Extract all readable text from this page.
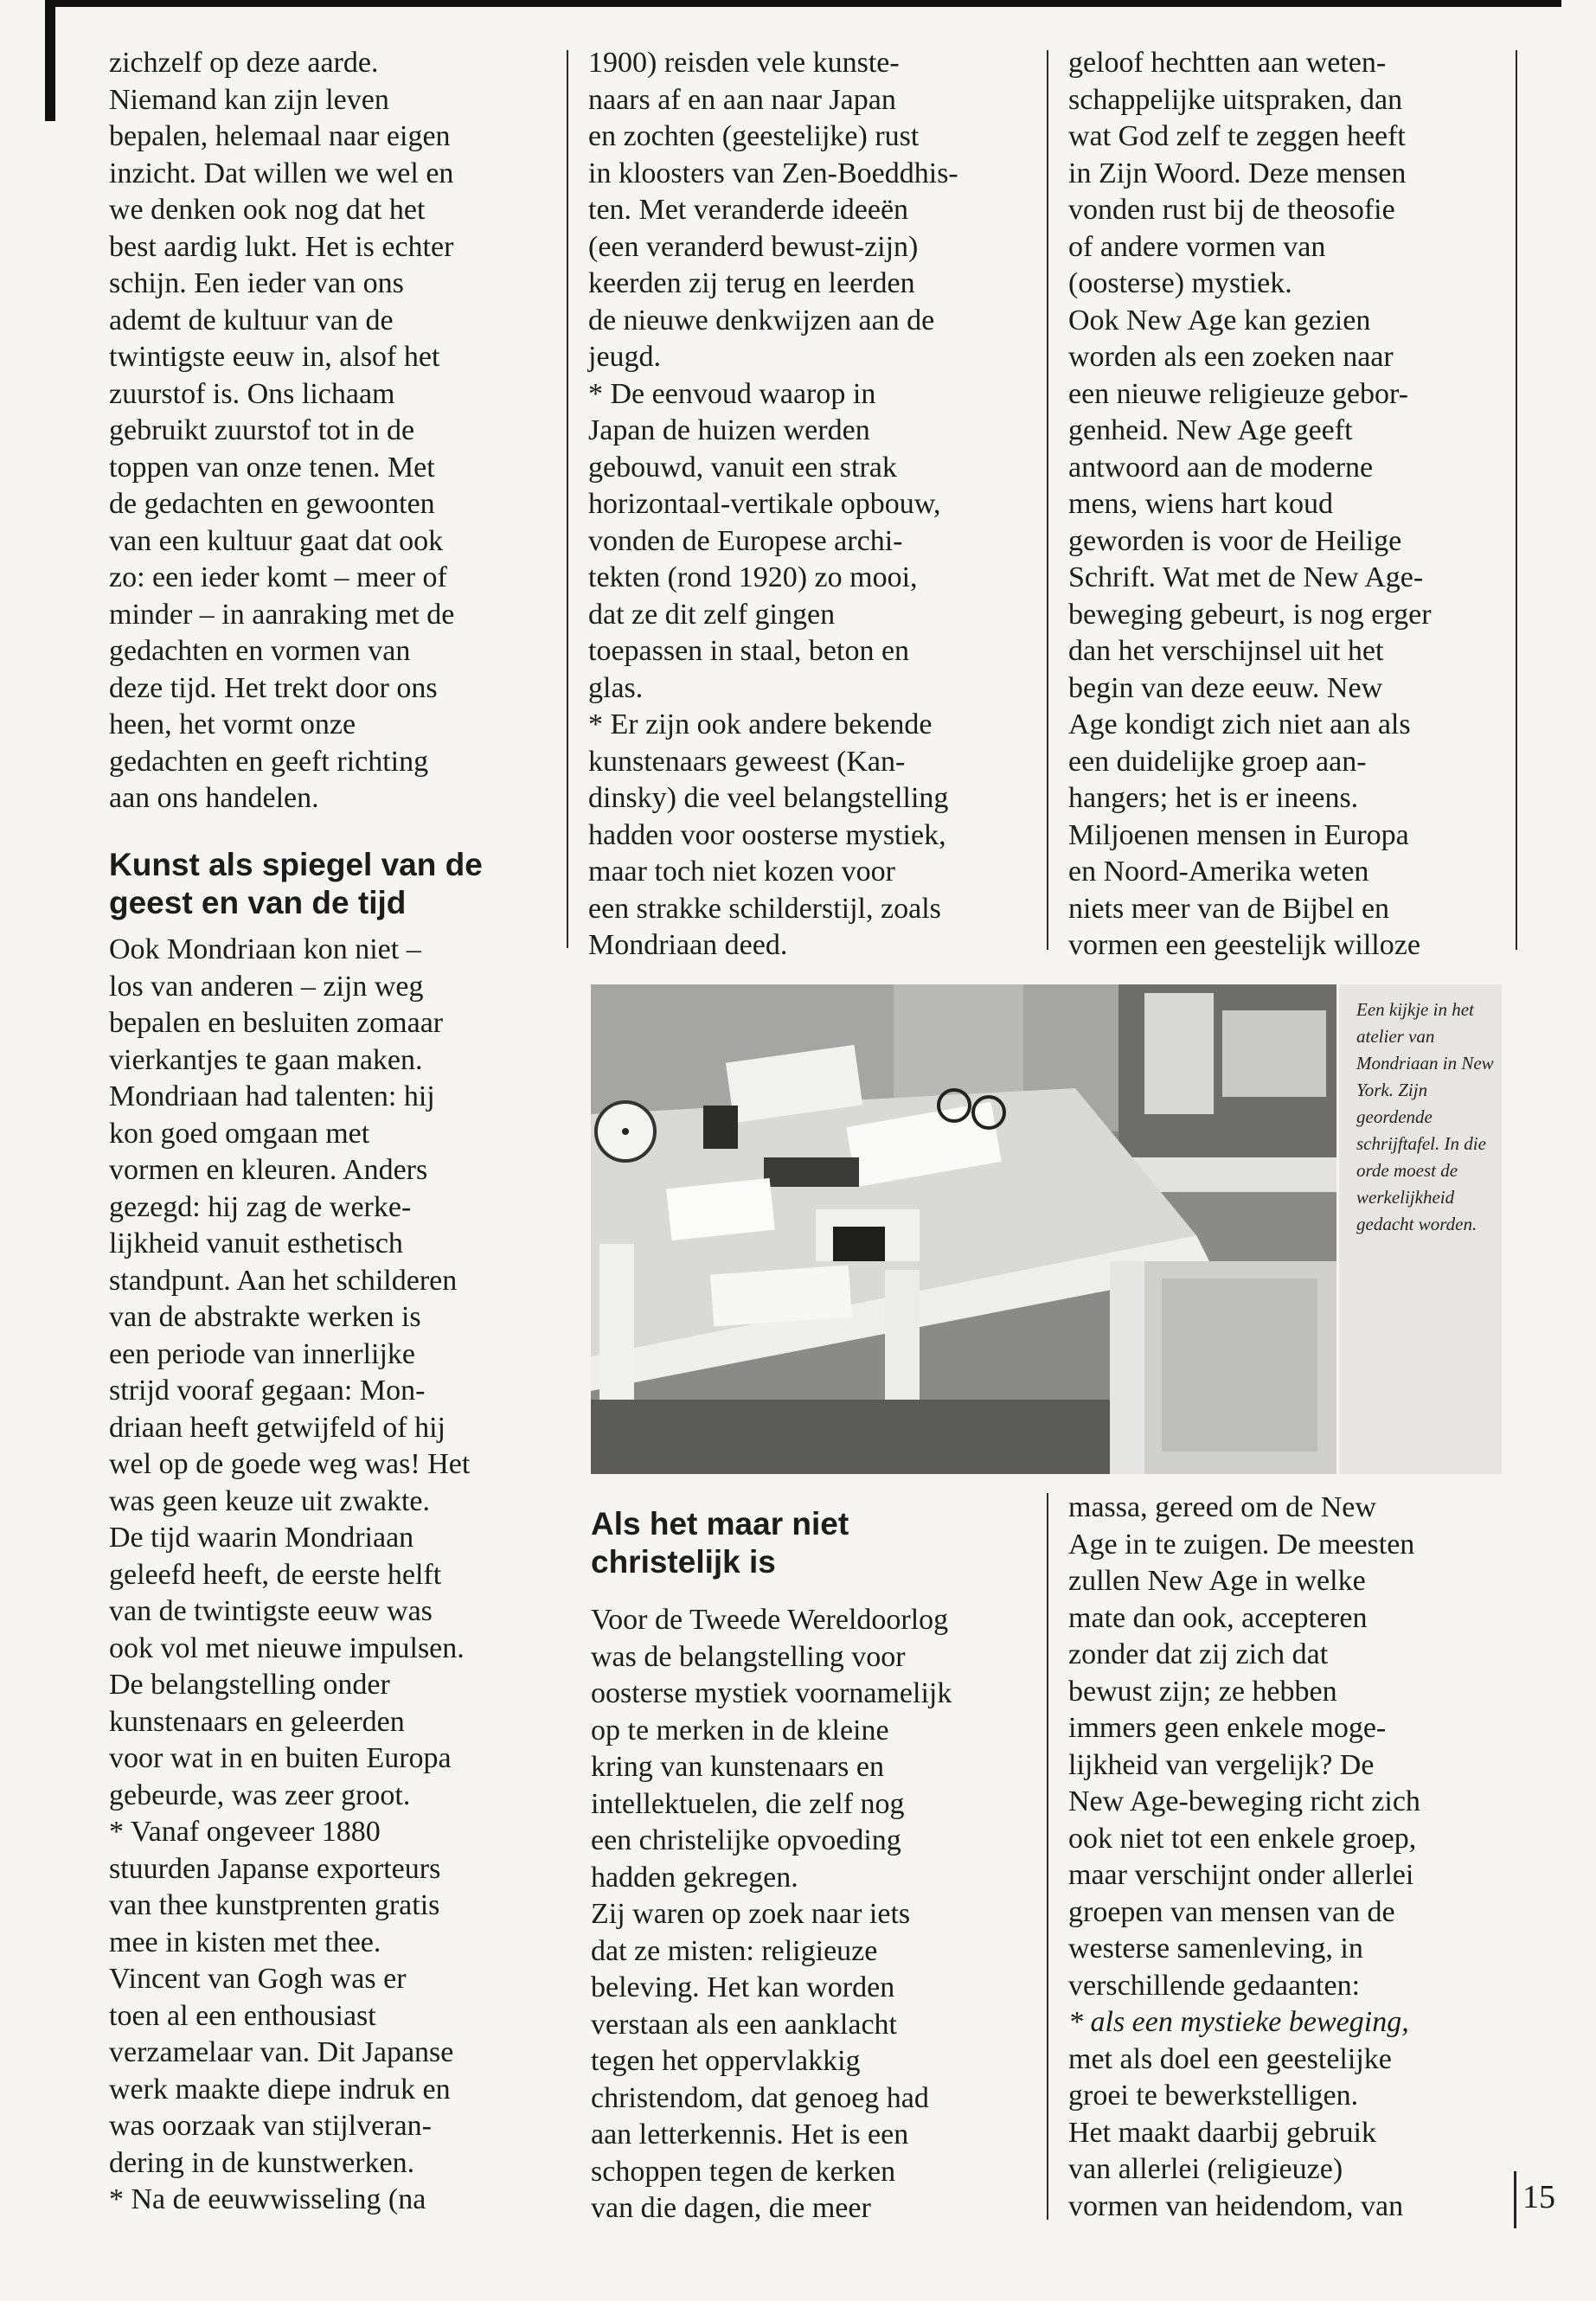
zichzelf op deze aarde.
Niemand kan zijn leven
bepalen, helemaal naar eigen
inzicht. Dat willen we wel en
we denken ook nog dat het
best aardig lukt. Het is echter
schijn. Een ieder van ons
ademt de kultuur van de
twintigste eeuw in, alsof het
zuurstof is. Ons lichaam
gebruikt zuurstof tot in de
toppen van onze tenen. Met
de gedachten en gewoonten
van een kultuur gaat dat ook
zo: een ieder komt – meer of
minder – in aanraking met de
gedachten en vormen van
deze tijd. Het trekt door ons
heen, het vormt onze
gedachten en geeft richting
aan ons handelen.

Kunst als spiegel van de geest en van de tijd

Ook Mondriaan kon niet –
los van anderen – zijn weg
bepalen en besluiten zomaar
vierkantjes te gaan maken.
Mondriaan had talenten: hij
kon goed omgaan met
vormen en kleuren. Anders
gezegd: hij zag de werke-
lijkheid vanuit esthetisch
standpunt. Aan het schilderen
van de abstrakte werken is
een periode van innerlijke
strijd vooraf gegaan: Mon-
driaan heeft getwijfeld of hij
wel op de goede weg was! Het
was geen keuze uit zwakte.
De tijd waarin Mondriaan
geleefd heeft, de eerste helft
van de twintigste eeuw was
ook vol met nieuwe impulsen.
De belangstelling onder
kunstenaars en geleerden
voor wat in en buiten Europa
gebeurde, was zeer groot.

* Vanaf ongeveer 1880
stuurden Japanse exporteurs
van thee kunstprenten gratis
mee in kisten met thee.
Vincent van Gogh was er
toen al een enthousiast
verzamelaar van. Dit Japanse
werk maakte diepe indruk en
was oorzaak van stijlveran-
dering in de kunstwerken.

* Na de eeuwwisseling (na

1900) reisden vele kunste-
naars af en aan naar Japan
en zochten (geestelijke) rust
in kloosters van Zen-Boeddhis-
ten. Met veranderde ideeën
(een veranderd bewust-zijn)
keerden zij terug en leerden
de nieuwe denkwijzen aan de
jeugd.

* De eenvoud waarop in
Japan de huizen werden
gebouwd, vanuit een strak
horizontaal-vertikale opbouw,
vonden de Europese archi-
tekten (rond 1920) zo mooi,
dat ze dit zelf gingen
toepassen in staal, beton en
glas.

* Er zijn ook andere bekende
kunstenaars geweest (Kan-
dinsky) die veel belangstelling
hadden voor oosterse mystiek,
maar toch niet kozen voor
een strakke schilderstijl, zoals
Mondriaan deed.

geloof hechtten aan weten-
schappelijke uitspraken, dan
wat God zelf te zeggen heeft
in Zijn Woord. Deze mensen
vonden rust bij de theosofie
of andere vormen van
(oosterse) mystiek.
Ook New Age kan gezien
worden als een zoeken naar
een nieuwe religieuze gebor-
genheid. New Age geeft
antwoord aan de moderne
mens, wiens hart koud
geworden is voor de Heilige
Schrift. Wat met de New Age-
beweging gebeurt, is nog erger
dan het verschijnsel uit het
begin van deze eeuw. New
Age kondigt zich niet aan als
een duidelijke groep aan-
hangers; het is er ineens.
Miljoenen mensen in Europa
en Noord-Amerika weten
niets meer van de Bijbel en
vormen een geestelijk willoze

Een kijkje in het atelier van Mondriaan in New York. Zijn geordende schrijftafel. In die orde moest de werkelijkheid gedacht worden.

Als het maar niet christelijk is

Voor de Tweede Wereldoorlog
was de belangstelling voor
oosterse mystiek voornamelijk
op te merken in de kleine
kring van kunstenaars en
intellektuelen, die zelf nog
een christelijke opvoeding
hadden gekregen.
Zij waren op zoek naar iets
dat ze misten: religieuze
beleving. Het kan worden
verstaan als een aanklacht
tegen het oppervlakkig
christendom, dat genoeg had
aan letterkennis. Het is een
schoppen tegen de kerken
van die dagen, die meer

massa, gereed om de New
Age in te zuigen. De meesten
zullen New Age in welke
mate dan ook, accepteren
zonder dat zij zich dat
bewust zijn; ze hebben
immers geen enkele moge-
lijkheid van vergelijk? De
New Age-beweging richt zich
ook niet tot een enkele groep,
maar verschijnt onder allerlei
groepen van mensen van de
westerse samenleving, in
verschillende gedaanten:

* als een mystieke beweging,
met als doel een geestelijke
groei te bewerkstelligen.
Het maakt daarbij gebruik
van allerlei (religieuze)
vormen van heidendom, van	15
